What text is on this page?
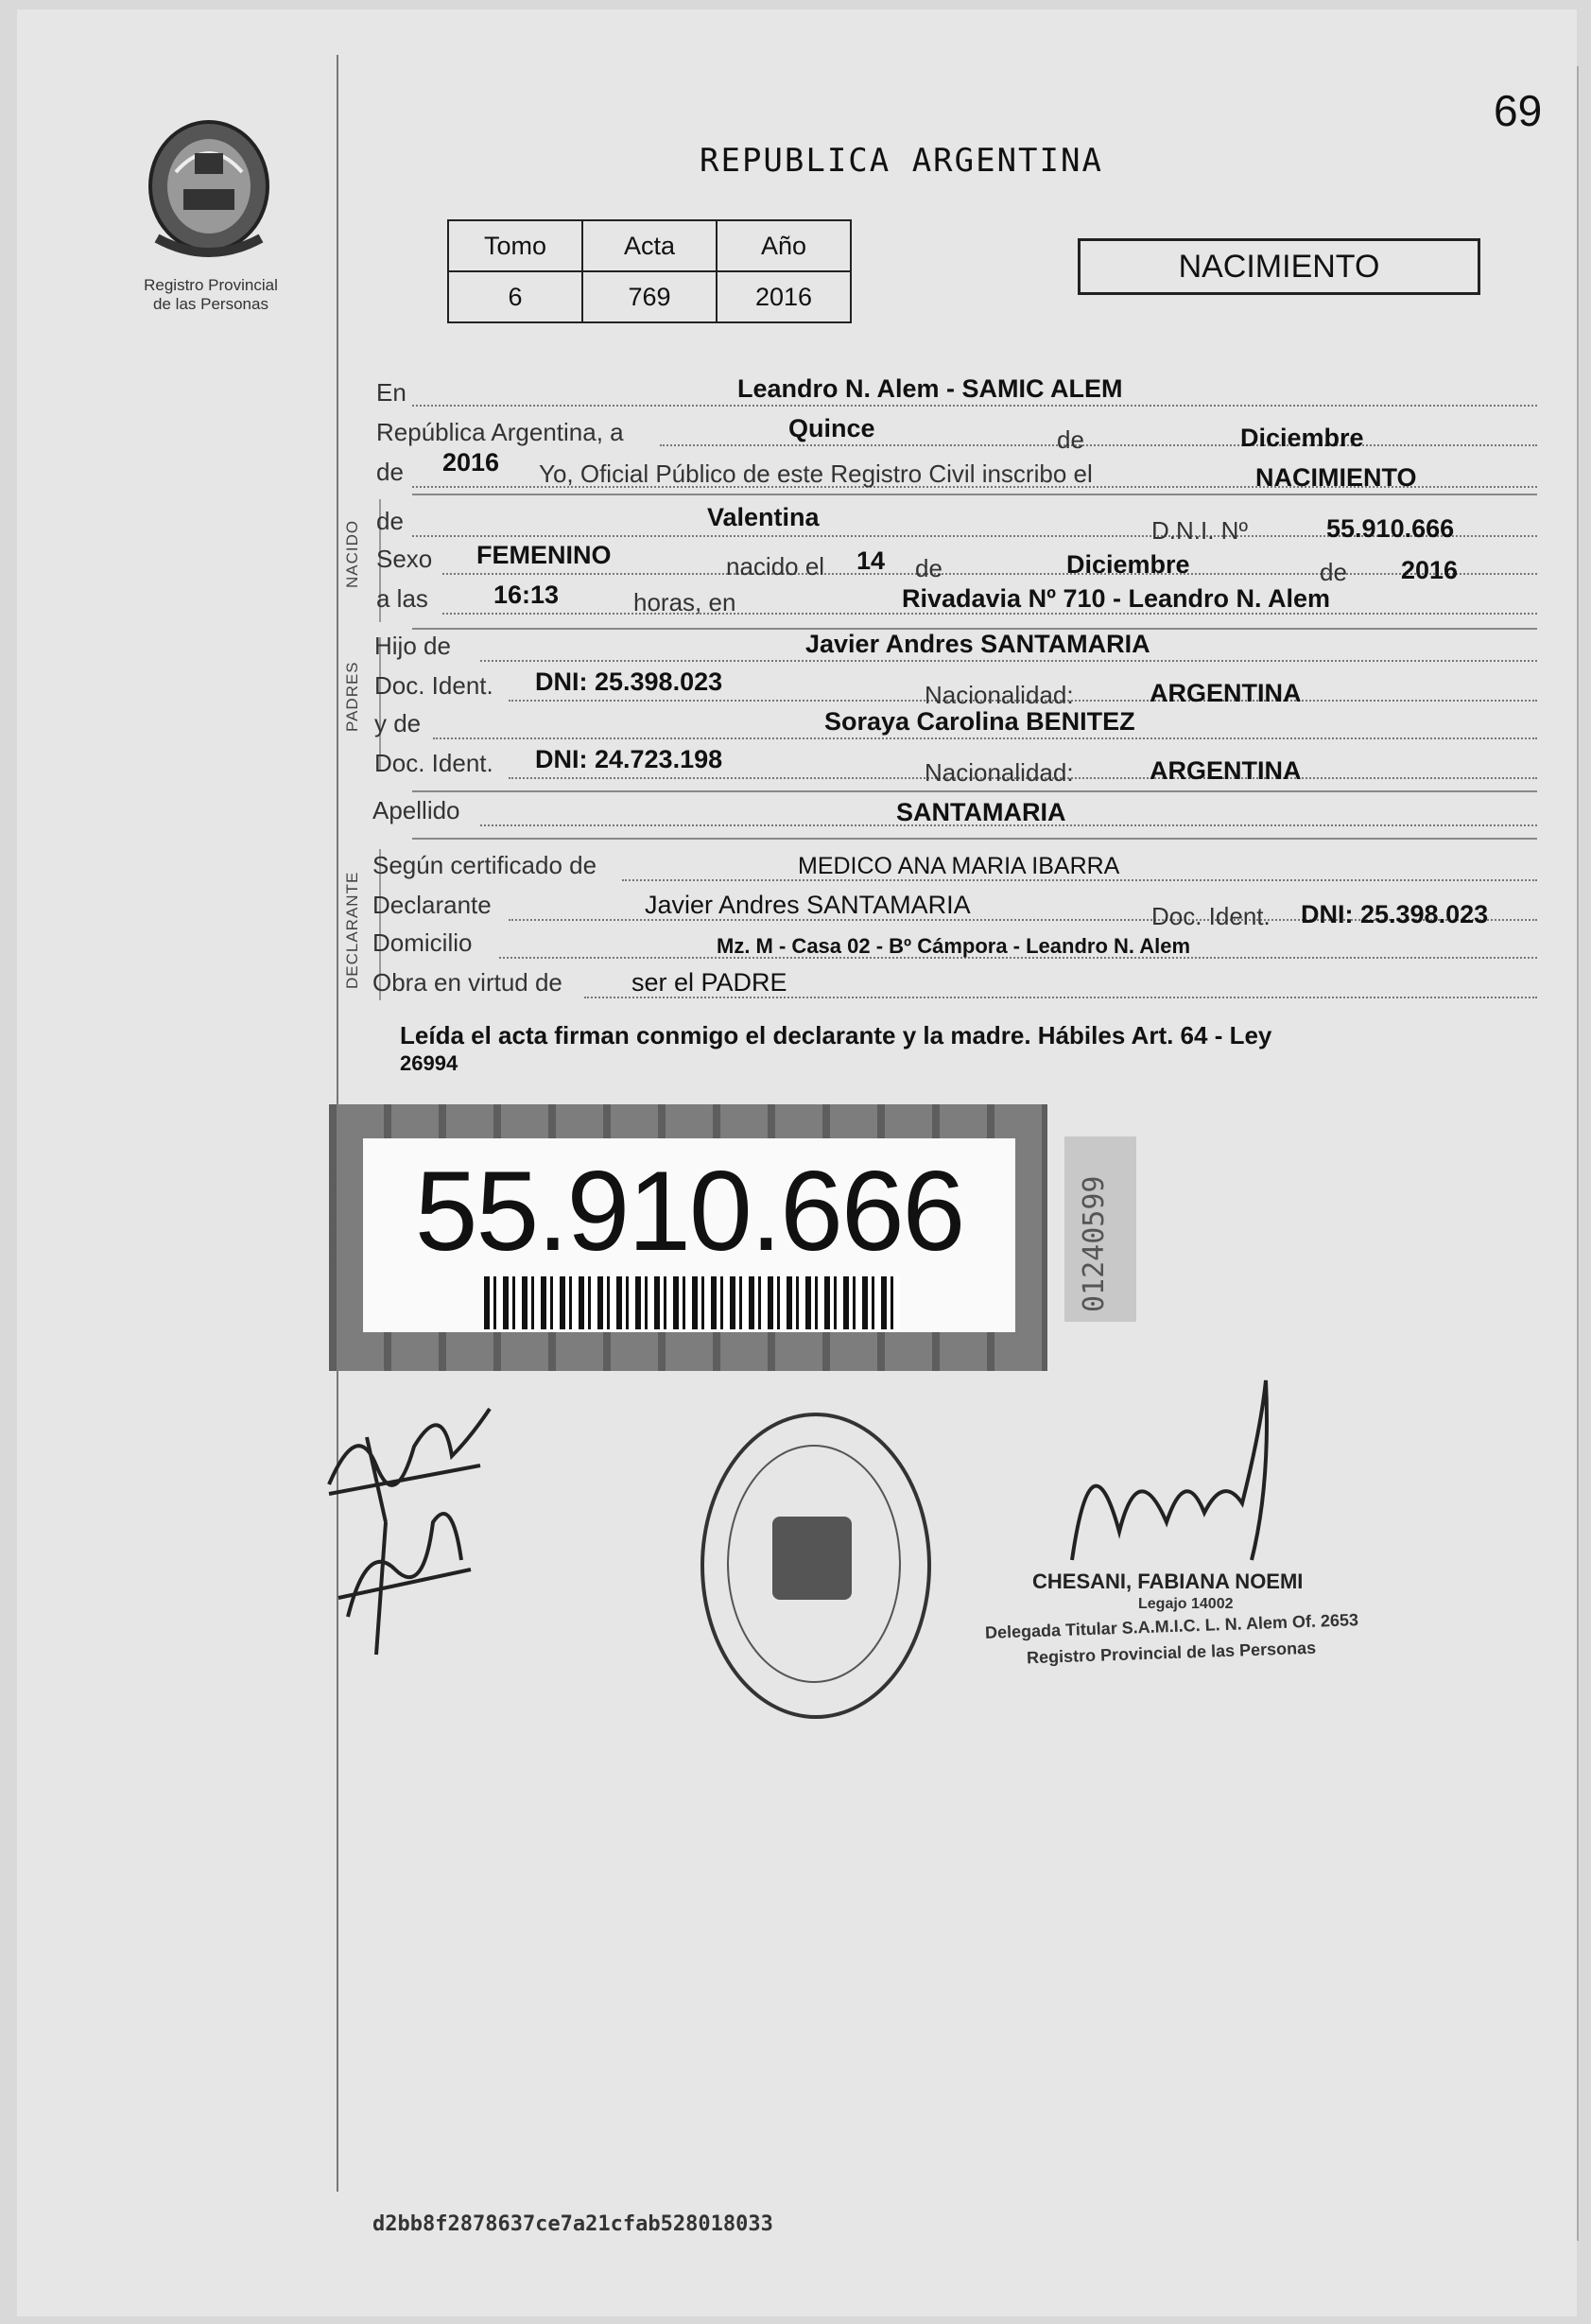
69
REPUBLICA ARGENTINA
Registro Provincial
de las Personas
Tomo	Acta	Año
6	769	2016
NACIMIENTO
En	Leandro N. Alem - SAMIC ALEM
República Argentina, a	Quince	de	Diciembre
de 2016 Yo, Oficial Público de este Registro Civil inscribo el	NACIMIENTO
NACIDO de	Valentina	D.N.I. Nº	55.910.666
Sexo FEMENINO	nacido el 14 de	Diciembre	de 2016
a las	16:13	horas, en	Rivadavia Nº 710 - Leandro N. Alem
PADRES
Hijo de	Javier Andres SANTAMARIA
Doc. Ident. DNI: 25.398.023	Nacionalidad:	ARGENTINA
y de	Soraya Carolina BENITEZ
Doc. Ident. DNI: 24.723.198	Nacionalidad:	ARGENTINA
Apellido	SANTAMARIA
DECLARANTE
Según certificado de	MEDICO ANA MARIA IBARRA
Declarante	Javier Andres SANTAMARIA	Doc. Ident. DNI: 25.398.023
Domicilio	Mz. M - Casa 02 - Bº Cámpora - Leandro N. Alem
Obra en virtud de	ser el PADRE
Leída el acta firman conmigo el declarante y la madre. Hábiles Art. 64 - Ley
26994
55.910.666	01240599
CHESANI, FABIANA NOEMI
Legajo 14002
Delegada Titular S.A.M.I.C. L. N. Alem Of. 2653
Registro Provincial de las Personas
d2bb8f2878637ce7a21cfab528018033
